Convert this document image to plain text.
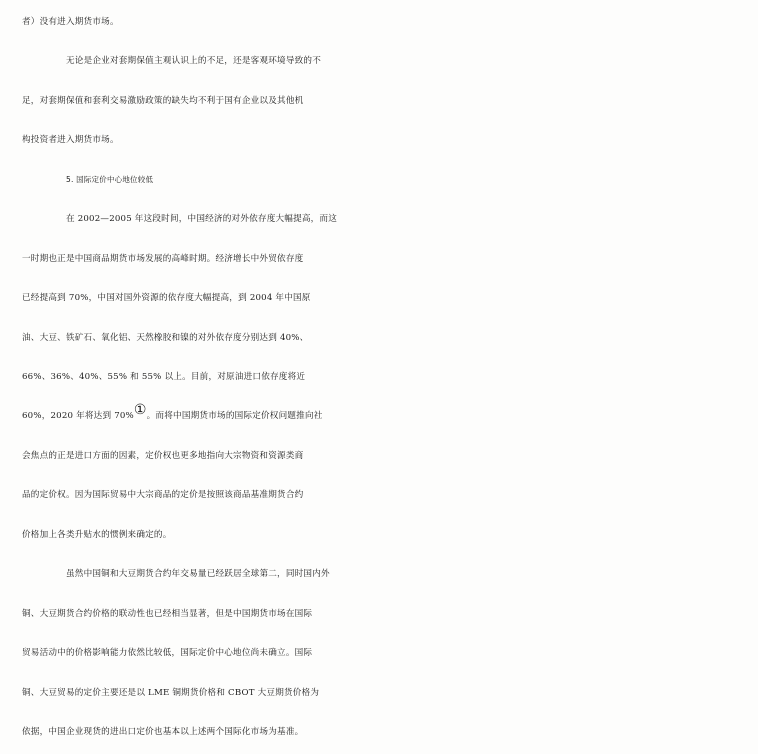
者）没有进入期货市场。
无论是企业对套期保值主观认识上的不足，还是客观环境导致的不
足，对套期保值和套利交易激励政策的缺失均不利于国有企业以及其他机
构投资者进入期货市场。
5. 国际定价中心地位较低
在 2002—2005 年这段时间，中国经济的对外依存度大幅提高，而这
一时期也正是中国商品期货市场发展的高峰时期。经济增长中外贸依存度
已经提高到 70%，中国对国外资源的依存度大幅提高，到 2004 年中国原
油、大豆、铁矿石、氧化铝、天然橡胶和镍的对外依存度分别达到 40%、
66%、36%、40%、55% 和 55% 以上。目前，对原油进口依存度将近
60%，2020 年将达到 70%①。而将中国期货市场的国际定价权问题推向社
会焦点的正是进口方面的因素，定价权也更多地指向大宗物资和资源类商
品的定价权。因为国际贸易中大宗商品的定价是按照该商品基准期货合约
价格加上各类升贴水的惯例来确定的。
虽然中国铜和大豆期货合约年交易量已经跃居全球第二，同时国内外
铜、大豆期货合约价格的联动性也已经相当显著，但是中国期货市场在国际
贸易活动中的价格影响能力依然比较低，国际定价中心地位尚未确立。国际
铜、大豆贸易的定价主要还是以 LME 铜期货价格和 CBOT 大豆期货价格为
依据，中国企业现货的进出口定价也基本以上述两个国际化市场为基准。
